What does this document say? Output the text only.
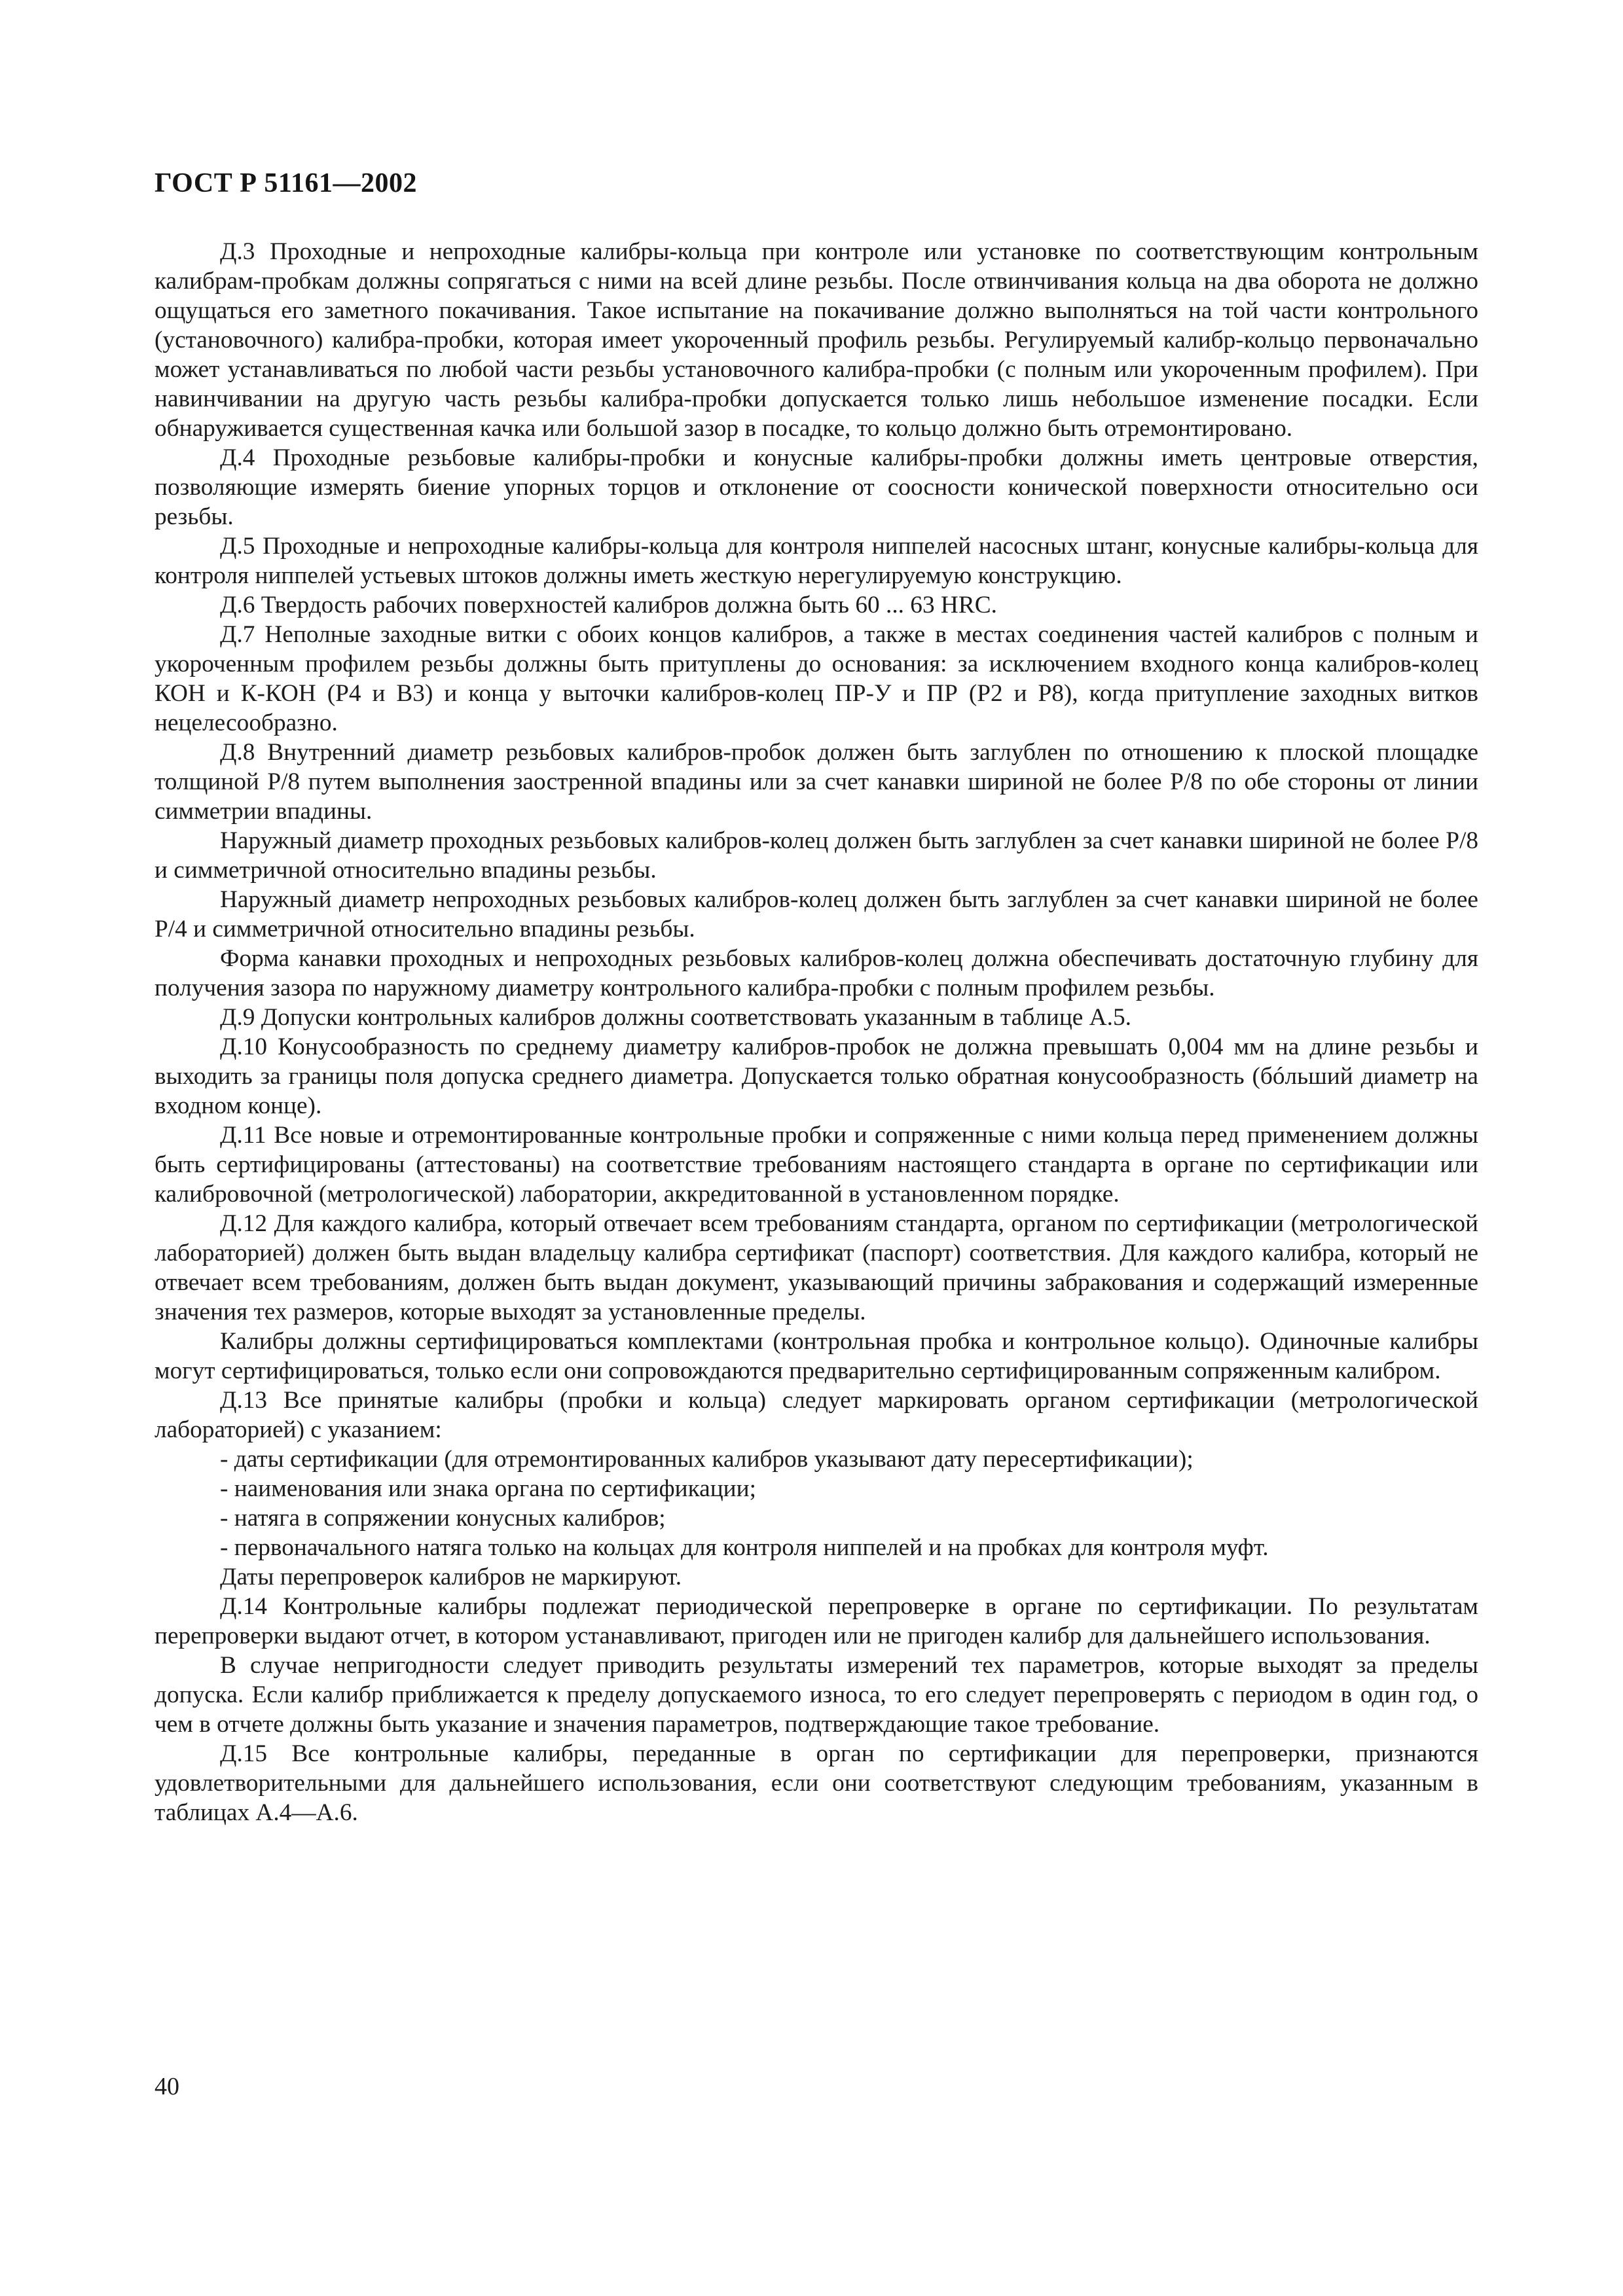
ГОСТ Р 51161—2002

Д.3 Проходные и непроходные калибры-кольца при контроле или установке по соответствующим контрольным калибрам-пробкам должны сопрягаться с ними на всей длине резьбы. После отвинчивания кольца на два оборота не должно ощущаться его заметного покачивания. Такое испытание на покачивание должно выполняться на той части контрольного (установочного) калибра-пробки, которая имеет укороченный профиль резьбы. Регулируемый калибр-кольцо первоначально может устанавливаться по любой части резьбы установочного калибра-пробки (с полным или укороченным профилем). При навинчивании на другую часть резьбы калибра-пробки допускается только лишь небольшое изменение посадки. Если обнаруживается существенная качка или большой зазор в посадке, то кольцо должно быть отремонтировано.

Д.4 Проходные резьбовые калибры-пробки и конусные калибры-пробки должны иметь центровые отверстия, позволяющие измерять биение упорных торцов и отклонение от соосности конической поверхности относительно оси резьбы.

Д.5 Проходные и непроходные калибры-кольца для контроля ниппелей насосных штанг, конусные калибры-кольца для контроля ниппелей устьевых штоков должны иметь жесткую нерегулируемую конструкцию.

Д.6 Твердость рабочих поверхностей калибров должна быть 60 ... 63 HRC.

Д.7 Неполные заходные витки с обоих концов калибров, а также в местах соединения частей калибров с полным и укороченным профилем резьбы должны быть притуплены до основания: за исключением входного конца калибров-колец КОН и К-КОН (Р4 и В3) и конца у выточки калибров-колец ПР-У и ПР (Р2 и Р8), когда притупление заходных витков нецелесообразно.

Д.8 Внутренний диаметр резьбовых калибров-пробок должен быть заглублен по отношению к плоской площадке толщиной P/8 путем выполнения заостренной впадины или за счет канавки шириной не более P/8 по обе стороны от линии симметрии впадины.

Наружный диаметр проходных резьбовых калибров-колец должен быть заглублен за счет канавки шириной не более P/8 и симметричной относительно впадины резьбы.

Наружный диаметр непроходных резьбовых калибров-колец должен быть заглублен за счет канавки шириной не более P/4 и симметричной относительно впадины резьбы.

Форма канавки проходных и непроходных резьбовых калибров-колец должна обеспечивать достаточную глубину для получения зазора по наружному диаметру контрольного калибра-пробки с полным профилем резьбы.

Д.9 Допуски контрольных калибров должны соответствовать указанным в таблице А.5.

Д.10 Конусообразность по среднему диаметру калибров-пробок не должна превышать 0,004 мм на длине резьбы и выходить за границы поля допуска среднего диаметра. Допускается только обратная конусообразность (бóльший диаметр на входном конце).

Д.11 Все новые и отремонтированные контрольные пробки и сопряженные с ними кольца перед применением должны быть сертифицированы (аттестованы) на соответствие требованиям настоящего стандарта в органе по сертификации или калибровочной (метрологической) лаборатории, аккредитованной в установленном порядке.

Д.12 Для каждого калибра, который отвечает всем требованиям стандарта, органом по сертификации (метрологической лабораторией) должен быть выдан владельцу калибра сертификат (паспорт) соответствия. Для каждого калибра, который не отвечает всем требованиям, должен быть выдан документ, указывающий причины забракования и содержащий измеренные значения тех размеров, которые выходят за установленные пределы.

Калибры должны сертифицироваться комплектами (контрольная пробка и контрольное кольцо). Одиночные калибры могут сертифицироваться, только если они сопровождаются предварительно сертифицированным сопряженным калибром.

Д.13 Все принятые калибры (пробки и кольца) следует маркировать органом сертификации (метрологической лабораторией) с указанием:

- даты сертификации (для отремонтированных калибров указывают дату пересертификации);

- наименования или знака органа по сертификации;

- натяга в сопряжении конусных калибров;

- первоначального натяга только на кольцах для контроля ниппелей и на пробках для контроля муфт.

Даты перепроверок калибров не маркируют.

Д.14 Контрольные калибры подлежат периодической перепроверке в органе по сертификации. По результатам перепроверки выдают отчет, в котором устанавливают, пригоден или не пригоден калибр для дальнейшего использования.

В случае непригодности следует приводить результаты измерений тех параметров, которые выходят за пределы допуска. Если калибр приближается к пределу допускаемого износа, то его следует перепроверять с периодом в один год, о чем в отчете должны быть указание и значения параметров, подтверждающие такое требование.

Д.15 Все контрольные калибры, переданные в орган по сертификации для перепроверки, признаются удовлетворительными для дальнейшего использования, если они соответствуют следующим требованиям, указанным в таблицах А.4—А.6.

40
